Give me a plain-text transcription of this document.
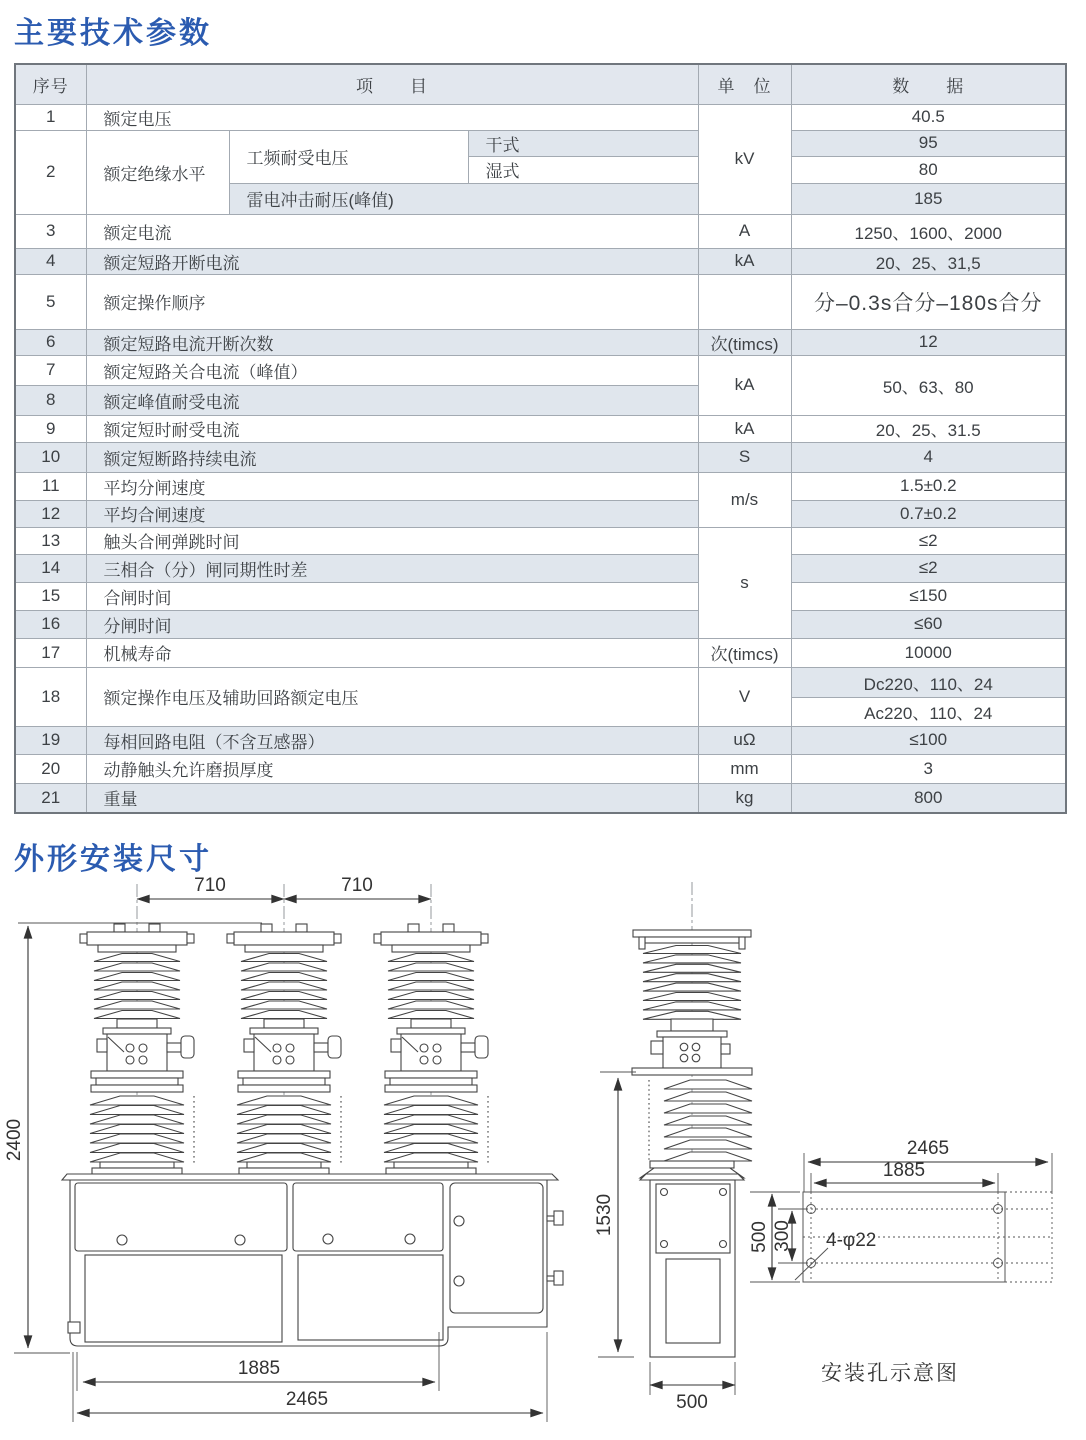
主要技术参数
序号	项　　目			单　位	数　　据
1	额定电压			kV	40.5
2	额定绝缘水平	工频耐受电压	干式		95
			湿式		80
		雷电冲击耐压(峰值)			185
3	额定电流			A	1250、1600、2000
4	额定短路开断电流			kA	20、25、31,5
5	额定操作顺序				分–0.3s合分–180s合分
6	额定短路电流开断次数			次(timcs)	12
7	额定短路关合电流（峰值）			kA	50、63、80
8	额定峰值耐受电流				
9	额定短时耐受电流			kA	20、25、31.5
10	额定短断路持续电流			S	4
11	平均分闸速度			m/s	1.5±0.2
12	平均合闸速度				0.7±0.2
13	触头合闸弹跳时间			s	≤2
14	三相合（分）闸同期性时差				≤2
15	合闸时间				≤150
16	分闸时间				≤60
17	机械寿命			次(timcs)	10000
18	额定操作电压及辅助回路额定电压			V	Dc220、110、24
					Ac220、110、24
19	每相回路电阻（不含互感器）			uΩ	≤100
20	动静触头允许磨损厚度			mm	3
21	重量			kg	800
外形安装尺寸
710	710
2400
1885
2465
1530
500
2465
1885
500 300 4-φ22
安装孔示意图
